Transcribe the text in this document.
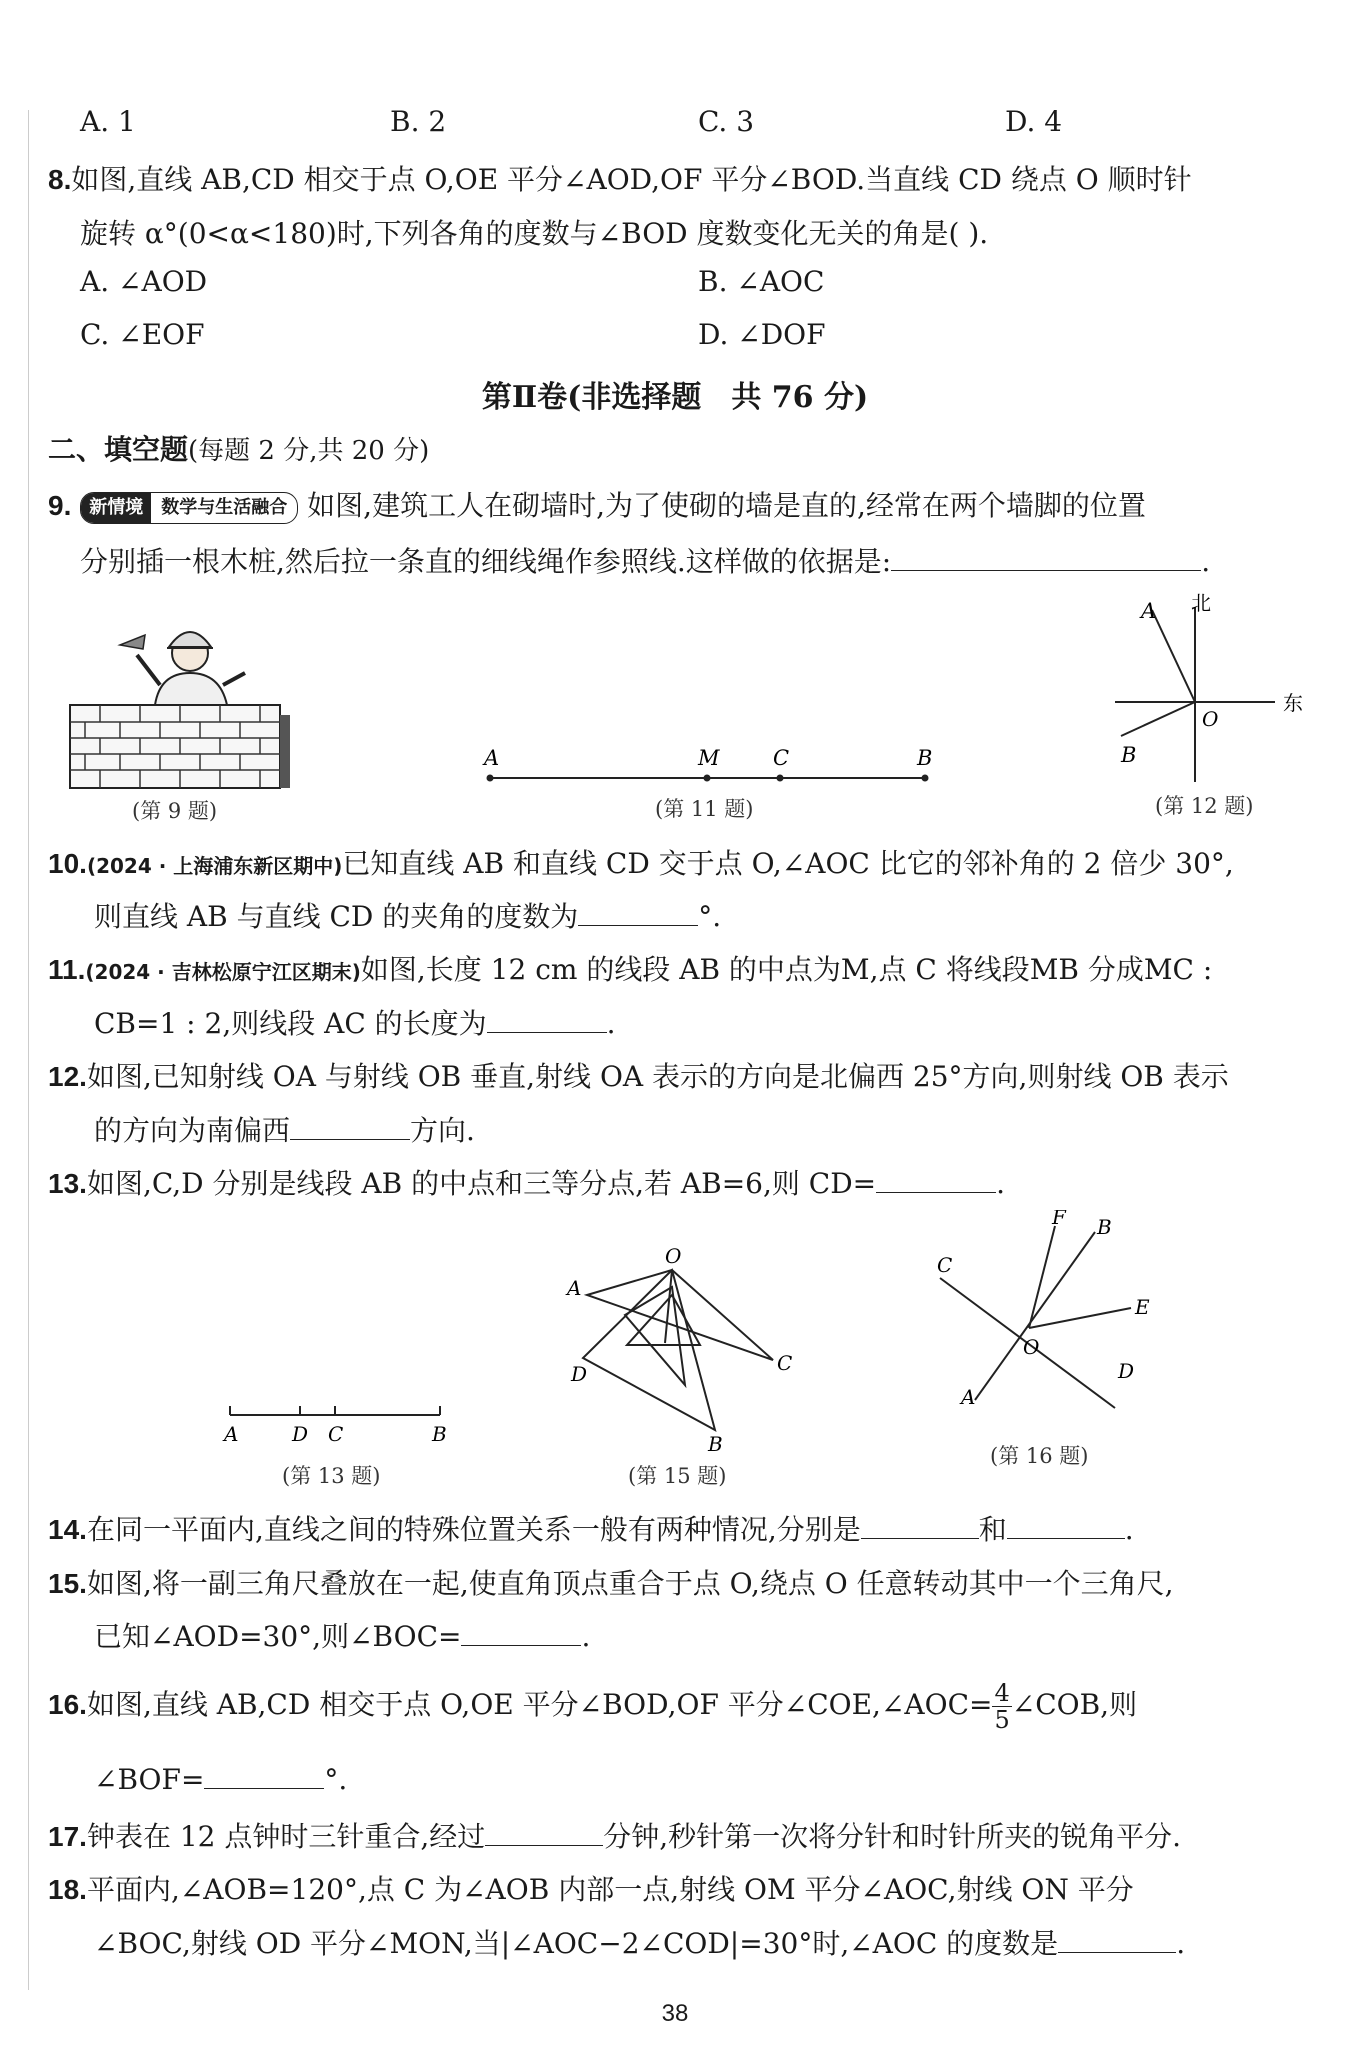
A. 1	B. 2	C. 3	D. 4
8.如图,直线 AB,CD 相交于点 O,OE 平分∠AOD,OF 平分∠BOD.当直线 CD 绕点 O 顺时针
旋转 α°(0<α<180)时,下列各角的度数与∠BOD 度数变化无关的角是( ).
A. ∠AOD	B. ∠AOC
C. ∠EOF	D. ∠DOF
第Ⅱ卷(非选择题　共 76 分)
二、填空题(每题 2 分,共 20 分)
9. 新情境 数学与生活融合 如图,建筑工人在砌墙时,为了使砌的墙是直的,经常在两个墙脚的位置
分别插一根木桩,然后拉一条直的细线绳作参照线.这样做的依据是:	.
(第 9 题)
A	M	C	B
(第 11 题)
A 北
东
O
B
(第 12 题)
10.(2024 · 上海浦东新区期中)已知直线 AB 和直线 CD 交于点 O,∠AOC 比它的邻补角的 2 倍少 30°,
则直线 AB 与直线 CD 的夹角的度数为	°.
11.(2024 · 吉林松原宁江区期末)如图,长度 12 cm 的线段 AB 的中点为M,点 C 将线段MB 分成MC :
CB=1 : 2,则线段 AC 的长度为	.
12.如图,已知射线 OA 与射线 OB 垂直,射线 OA 表示的方向是北偏西 25°方向,则射线 OB 表示
的方向为南偏西	方向.
13.如图,C,D 分别是线段 AB 的中点和三等分点,若 AB=6,则 CD=	.
A	D C	B
(第 13 题)
O
A
D	C
B
(第 15 题)
F B
C
E
O
D
A
(第 16 题)
14.在同一平面内,直线之间的特殊位置关系一般有两种情况,分别是	和	.
15.如图,将一副三角尺叠放在一起,使直角顶点重合于点 O,绕点 O 任意转动其中一个三角尺,
已知∠AOD=30°,则∠BOC=	.
16.如图,直线 AB,CD 相交于点 O,OE 平分∠BOD,OF 平分∠COE,∠AOC= $\frac{4}{5}$ ∠COB,则
∠BOF=	°.
17.钟表在 12 点钟时三针重合,经过	分钟,秒针第一次将分针和时针所夹的锐角平分.
18.平面内,∠AOB=120°,点 C 为∠AOB 内部一点,射线 OM 平分∠AOC,射线 ON 平分
∠BOC,射线 OD 平分∠MON,当|∠AOC−2∠COD|=30°时,∠AOC 的度数是	.
38
